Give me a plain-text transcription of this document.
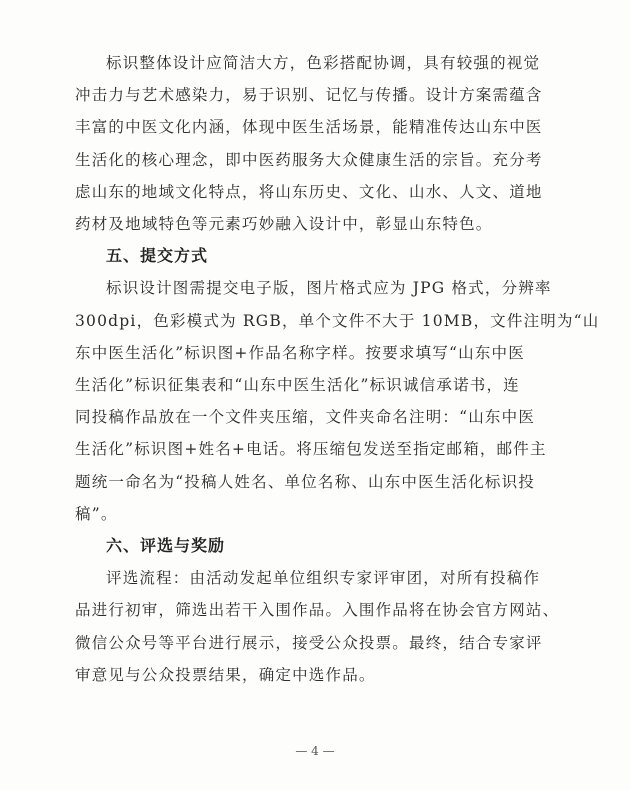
标识整体设计应简洁大方，色彩搭配协调，具有较强的视觉
冲击力与艺术感染力，易于识别、记忆与传播。设计方案需蕴含
丰富的中医文化内涵，体现中医生活场景，能精准传达山东中医
生活化的核心理念，即中医药服务大众健康生活的宗旨。充分考
虑山东的地域文化特点，将山东历史、文化、山水、人文、道地
药材及地域特色等元素巧妙融入设计中，彰显山东特色。
五、提交方式
标识设计图需提交电子版，图片格式应为 JPG 格式，分辨率
300dpi，色彩模式为 RGB，单个文件不大于 10MB，文件注明为“山
东中医生活化”标识图+作品名称字样。按要求填写“山东中医
生活化”标识征集表和“山东中医生活化”标识诚信承诺书，连
同投稿作品放在一个文件夹压缩，文件夹命名注明：“山东中医
生活化”标识图+姓名+电话。将压缩包发送至指定邮箱，邮件主
题统一命名为“投稿人姓名、单位名称、山东中医生活化标识投
稿”。
六、评选与奖励
评选流程：由活动发起单位组织专家评审团，对所有投稿作
品进行初审，筛选出若干入围作品。入围作品将在协会官方网站、
微信公众号等平台进行展示，接受公众投票。最终，结合专家评
审意见与公众投票结果，确定中选作品。
— 4 —
